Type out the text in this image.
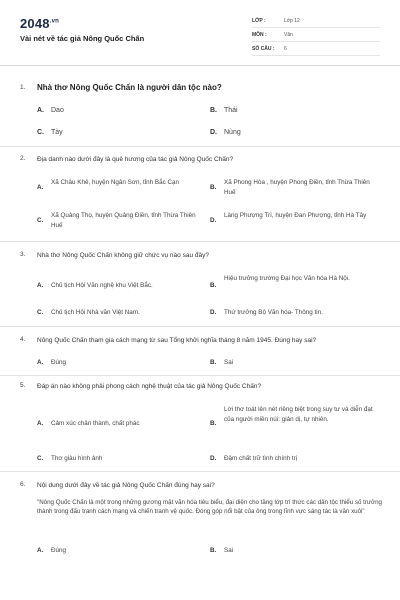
$2048^{.vn}$
Vài nét về tác giả Nông Quốc Chấn
LỚP :	Lớp 12
MÔN :	Văn
SỐ CÂU :	6
1. Nhà thơ Nông Quốc Chấn là người dân tộc nào?
A. Dao	B. Thái
C. Tày	D. Nùng
2. Địa danh nào dưới đây là quê hương của tác giả Nông Quốc Chấn?
A.
Xã Châu Khê, huyện Ngân Sơn, tỉnh Bắc Cạn
B.
Xã Phong Hòa , huyện Phong Điền, tỉnh Thừa Thiên Huế
C.
Xã Quảng Thọ, huyện Quảng Điền, tỉnh Thừa Thiên Huế
D.
Làng Phượng Trì, huyện Đan Phượng, tỉnh Hà Tây
3. Nhà thơ Nông Quốc Chấn không giữ chức vụ nào sau đây?
A. Chủ tịch Hội Văn nghệ khu Việt Bắc.	B.
Hiệu trưởng trường Đại học Văn hóa Hà Nội.
C. Chủ tịch Hội Nhà văn Việt Nam.	D. Thứ trưởng Bộ Văn hóa- Thông tin.
4. Nông Quốc Chấn tham gia cách mạng từ sau Tổng khởi nghĩa tháng 8 năm 1945. Đúng hay sai?
A. Đúng	B. Sai
5. Đáp án nào không phải phong cách nghệ thuật của tác giả Nông Quốc Chấn?
A. Cảm xúc chân thành, chất phác	B.
Lời thơ toát lên nét riêng biệt trong suy tư và diễn đạt của người miền núi: giản dị, tự nhiên.
C. Thơ giàu hình ảnh	D. Đậm chất trữ tình chính trị
6. Nội dung dưới đây về tác giả Nông Quốc Chấn đúng hay sai?
"Nông Quốc Chấn là một trong những gương mặt văn hóa tiêu biểu, đại diện cho tầng lớp trí thức các dân tộc thiểu số trưởng thành trong đấu tranh cách mạng và chiến tranh vệ quốc. Đóng góp nổi bật của ông trong lĩnh vực sáng tác là văn xuôi"
A. Đúng	B. Sai
